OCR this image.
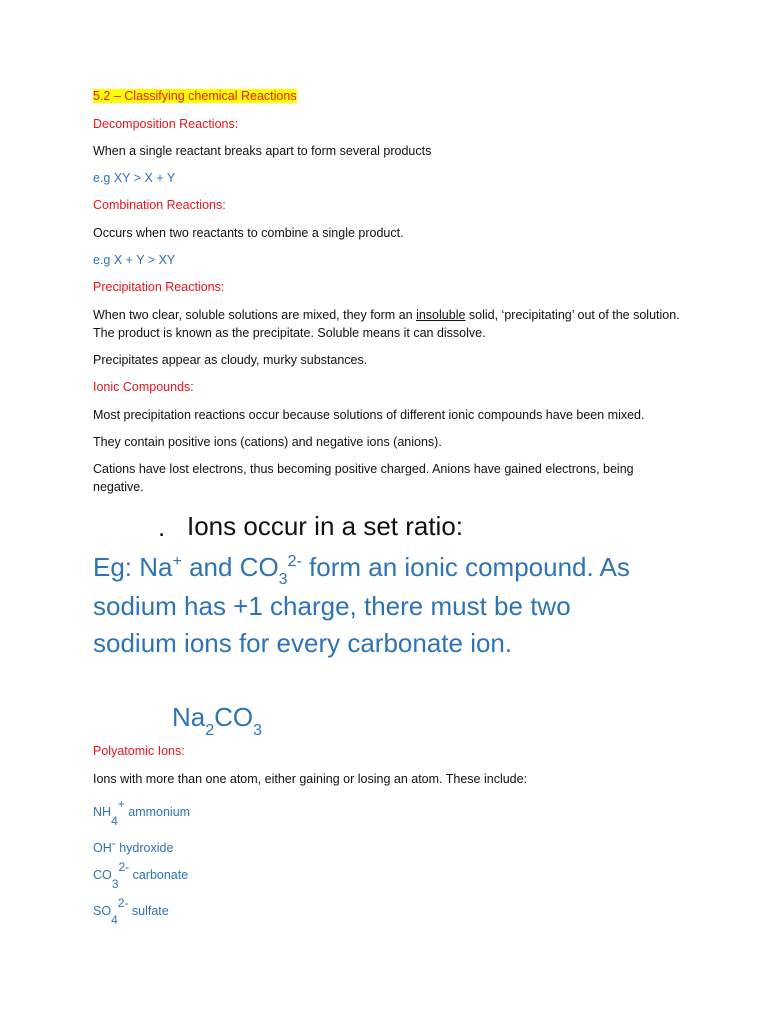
5.2 – Classifying chemical Reactions
Decomposition Reactions:
When a single reactant breaks apart to form several products
e.g XY > X + Y
Combination Reactions:
Occurs when two reactants to combine a single product.
e.g X + Y > XY
Precipitation Reactions:
When two clear, soluble solutions are mixed, they form an insoluble solid, ‘precipitating’ out of the solution. The product is known as the precipitate. Soluble means it can dissolve.
Precipitates appear as cloudy, murky substances.
Ionic Compounds:
Most precipitation reactions occur because solutions of different ionic compounds have been mixed.
They contain positive ions (cations) and negative ions (anions).
Cations have lost electrons, thus becoming positive charged. Anions have gained electrons, being negative.
. Ions occur in a set ratio:
Eg: Na+ and $CO_3^{2-}$ form an ionic compound. As
sodium has +1 charge, there must be two
sodium ions for every carbonate ion.
$Na_2CO_3$
Polyatomic Ions:
Ions with more than one atom, either gaining or losing an atom. These include:
NH4+ ammonium
OH- hydroxide
CO32- carbonate
SO42- sulfate
